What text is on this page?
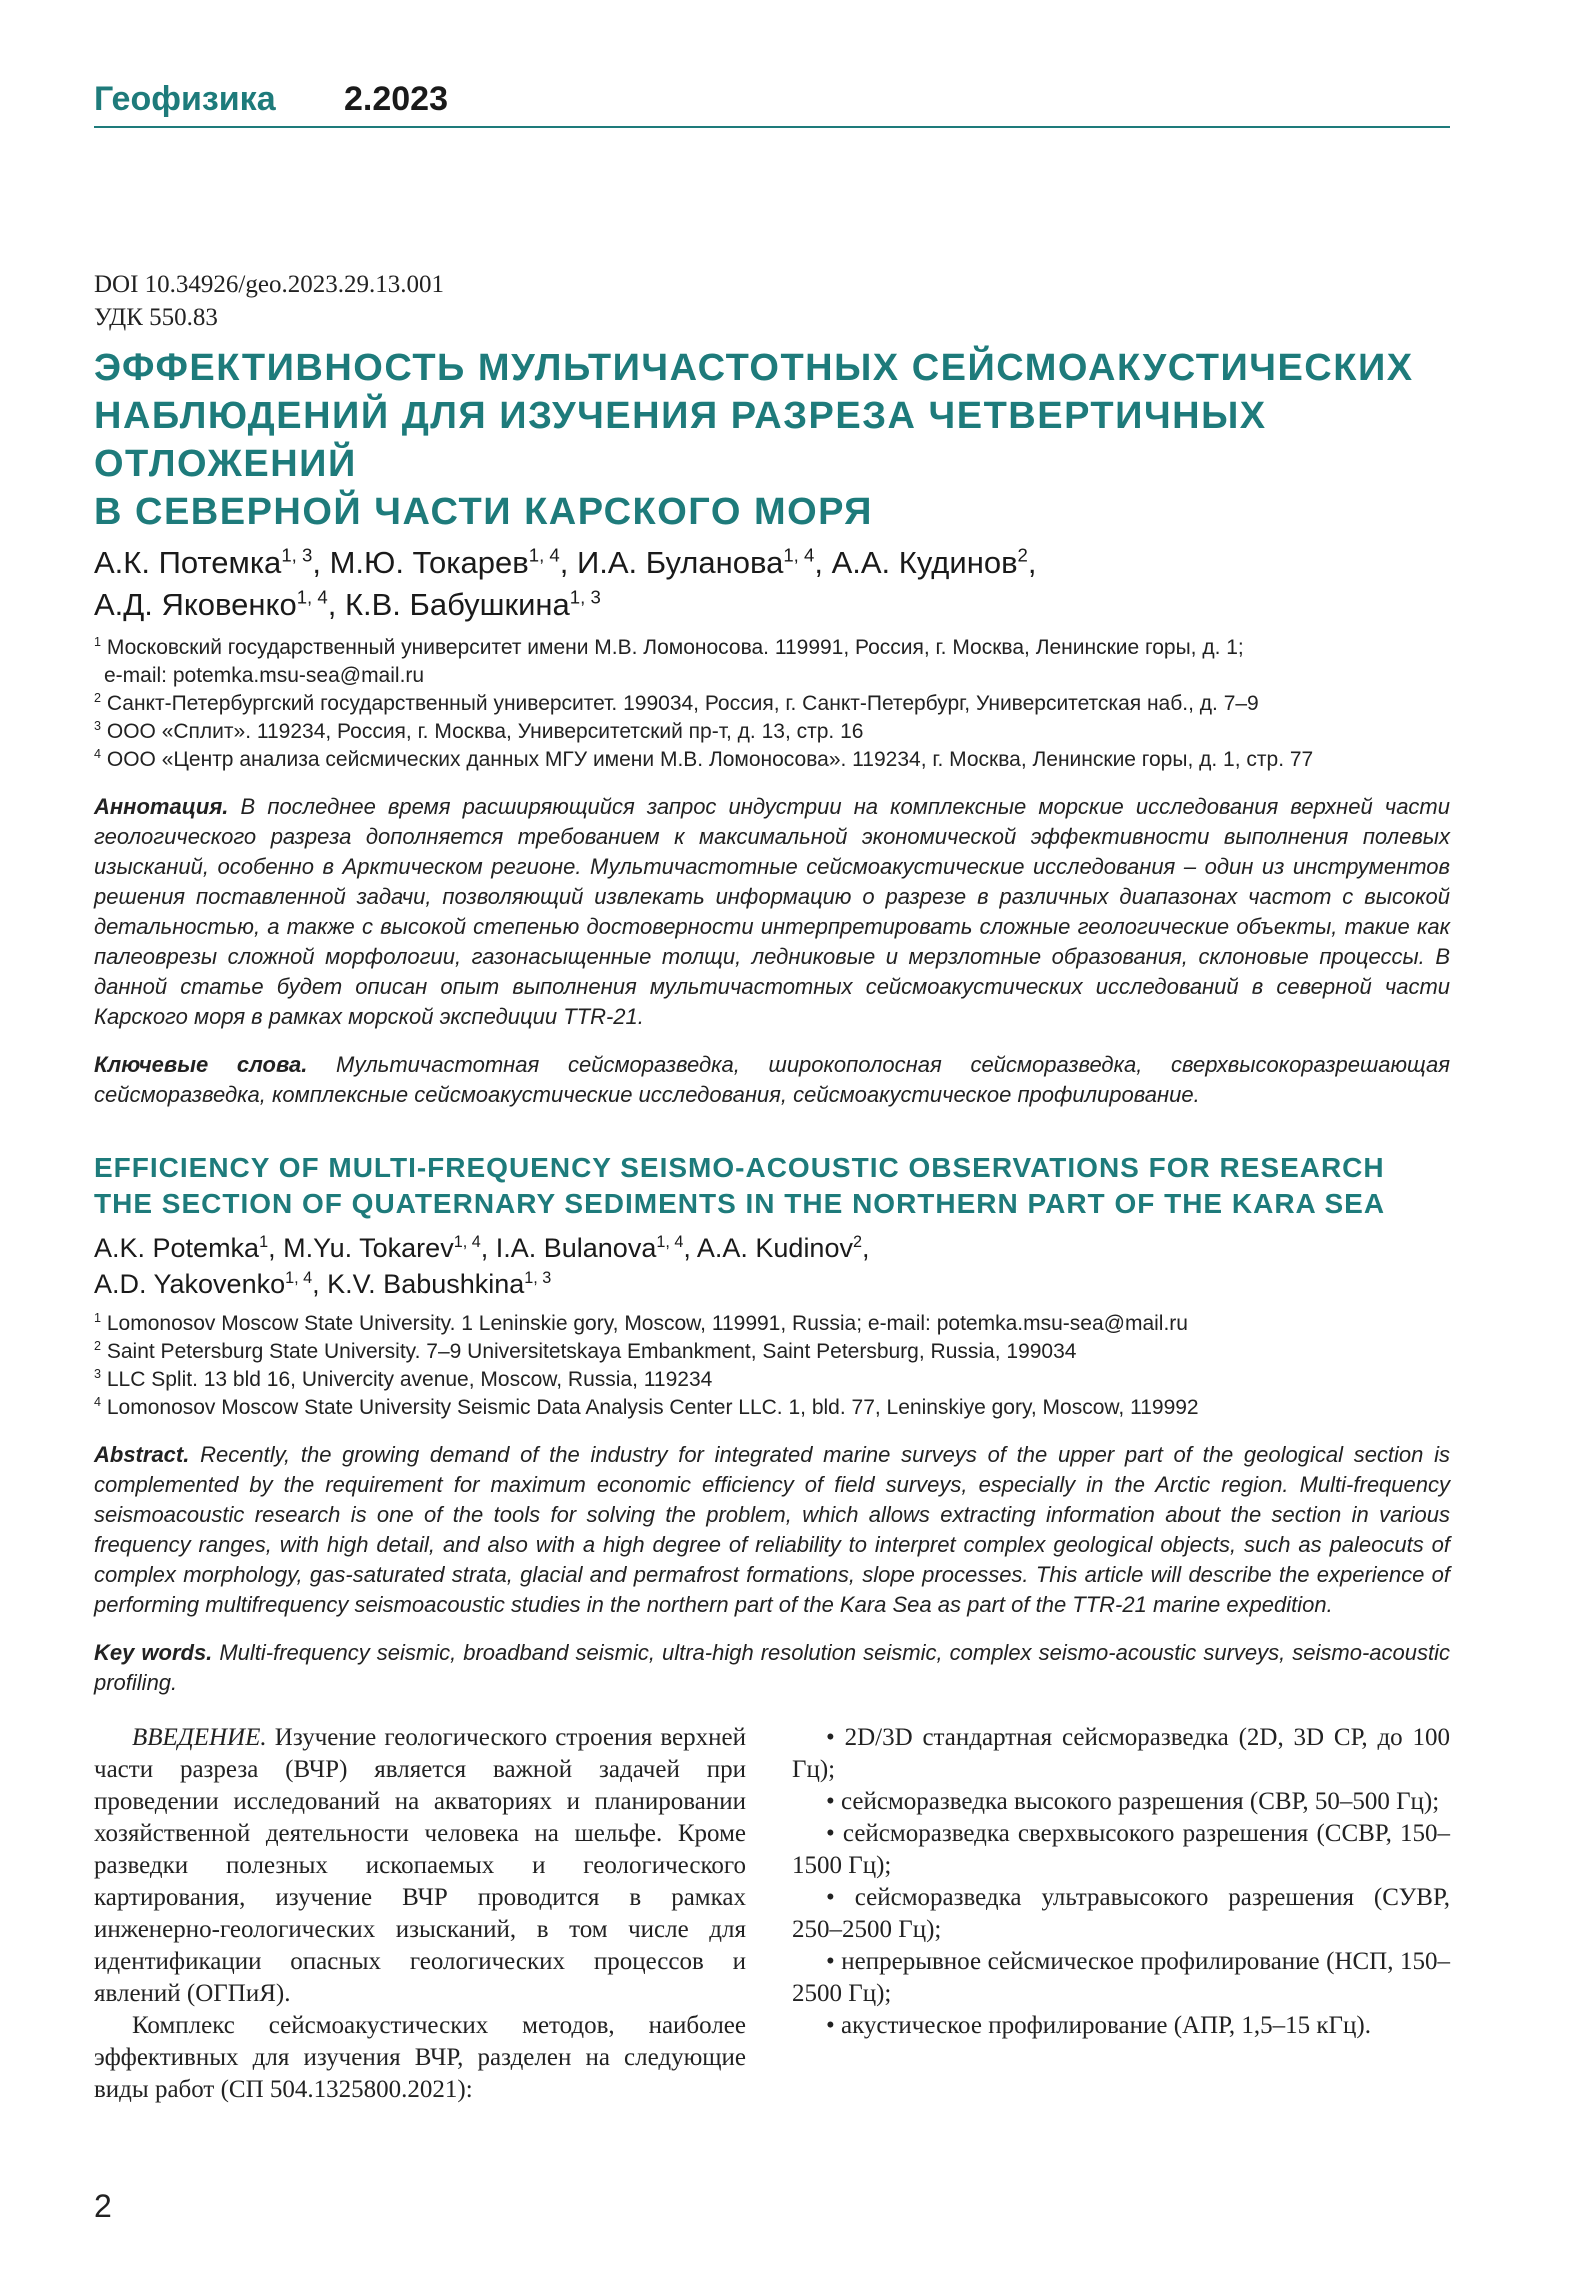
Геофизика 2.2023
DOI 10.34926/geo.2023.29.13.001
УДК 550.83
ЭФФЕКТИВНОСТЬ МУЛЬТИЧАСТОТНЫХ СЕЙСМОАКУСТИЧЕСКИХ
НАБЛЮДЕНИЙ ДЛЯ ИЗУЧЕНИЯ РАЗРЕЗА ЧЕТВЕРТИЧНЫХ ОТЛОЖЕНИЙ
В СЕВЕРНОЙ ЧАСТИ КАРСКОГО МОРЯ
А.К. Потемка$^{1, 3}$, М.Ю. Токарев$^{1, 4}$, И.А. Буланова$^{1, 4}$, А.А. Кудинов$^2$,
А.Д. Яковенко$^{1, 4}$, К.В. Бабушкина$^{1, 3}$
$^1$ Московский государственный университет имени М.В. Ломоносова. 119991, Россия, г. Москва, Ленинские горы, д. 1;
e-mail: potemka.msu-sea@mail.ru
$^2$ Санкт-Петербургский государственный университет. 199034, Россия, г. Санкт-Петербург, Университетская наб., д. 7–9
$^3$ ООО «Сплит». 119234, Россия, г. Москва, Университетский пр-т, д. 13, стр. 16
$^4$ ООО «Центр анализа сейсмических данных МГУ имени М.В. Ломоносова». 119234, г. Москва, Ленинские горы, д. 1, стр. 77
Аннотация. В последнее время расширяющийся запрос индустрии на комплексные морские исследования верхней части геологического разреза дополняется требованием к максимальной экономической эффективности выполнения полевых изысканий, особенно в Арктическом регионе. Мультичастотные сейсмоакустические исследования – один из инструментов решения поставленной задачи, позволяющий извлекать информацию о разрезе в различных диапазонах частот с высокой детальностью, а также с высокой степенью достоверности интерпретировать сложные геологические объекты, такие как палеоврезы сложной морфологии, газонасыщенные толщи, ледниковые и мерзлотные образования, склоновые процессы. В данной статье будет описан опыт выполнения мультичастотных сейсмоакустических исследований в северной части Карского моря в рамках морской экспедиции TTR-21.
Ключевые слова. Мультичастотная сейсморазведка, широкополосная сейсморазведка, сверхвысокоразрешающая сейсморазведка, комплексные сейсмоакустические исследования, сейсмоакустическое профилирование.
EFFICIENCY OF MULTI-FREQUENCY SEISMO-ACOUSTIC OBSERVATIONS FOR RESEARCH
THE SECTION OF QUATERNARY SEDIMENTS IN THE NORTHERN PART OF THE KARA SEA
A.K. Potemka$^1$, M.Yu. Tokarev$^{1, 4}$, I.A. Bulanova$^{1, 4}$, A.A. Kudinov$^2$,
A.D. Yakovenko$^{1, 4}$, K.V. Babushkina$^{1, 3}$
$^1$ Lomonosov Moscow State University. 1 Leninskie gory, Moscow, 119991, Russia; e-mail: potemka.msu-sea@mail.ru
$^2$ Saint Petersburg State University. 7–9 Universitetskaya Embankment, Saint Petersburg, Russia, 199034
$^3$ LLC Split. 13 bld 16, Univercity avenue, Moscow, Russia, 119234
$^4$ Lomonosov Moscow State University Seismic Data Analysis Center LLC. 1, bld. 77, Leninskiye gory, Moscow, 119992
Abstract. Recently, the growing demand of the industry for integrated marine surveys of the upper part of the geological section is complemented by the requirement for maximum economic efficiency of field surveys, especially in the Arctic region. Multi-frequency seismoacoustic research is one of the tools for solving the problem, which allows extracting information about the section in various frequency ranges, with high detail, and also with a high degree of reliability to interpret complex geological objects, such as paleocuts of complex morphology, gas-saturated strata, glacial and permafrost formations, slope processes. This article will describe the experience of performing multifrequency seismoacoustic studies in the northern part of the Kara Sea as part of the TTR-21 marine expedition.
Key words. Multi-frequency seismic, broadband seismic, ultra-high resolution seismic, complex seismo-acoustic surveys, seismo-acoustic profiling.

ВВЕДЕНИЕ. Изучение геологического строения верхней части разреза (ВЧР) является важной задачей при проведении исследований на акваториях и планировании хозяйственной деятельности человека на шельфе. Кроме разведки полезных ископаемых и геологического картирования, изучение ВЧР проводится в рамках инженерно-геологических изысканий, в том числе для идентификации опасных геологических процессов и явлений (ОГПиЯ).

Комплекс сейсмоакустических методов, наиболее эффективных для изучения ВЧР, разделен на следующие виды работ (СП 504.1325800.2021):

• 2D/3D стандартная сейсморазведка (2D, 3D СР, до 100 Гц);

• сейсморазведка высокого разрешения (СВР, 50–500 Гц);

• сейсморазведка сверхвысокого разрешения (ССВР, 150–1500 Гц);

• сейсморазведка ультравысокого разрешения (СУВР, 250–2500 Гц);

• непрерывное сейсмическое профилирование (НСП, 150–2500 Гц);

• акустическое профилирование (АПР, 1,5–15 кГц).

2
